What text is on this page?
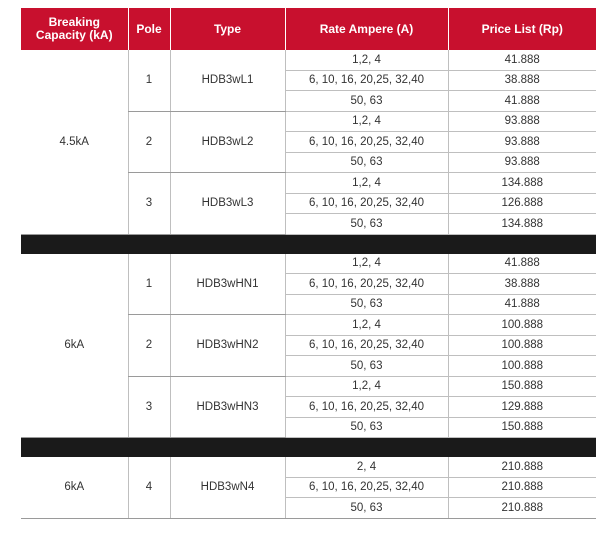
Breaking Capacity (kA)	Pole	Type	Rate Ampere (A)	Price List (Rp)
4.5kA	1	HDB3wL1	1,2, 4	41.888
			6, 10, 16, 20,25, 32,40	38.888
			50, 63	41.888
	2	HDB3wL2	1,2, 4	93.888
			6, 10, 16, 20,25, 32,40	93.888
			50, 63	93.888
	3	HDB3wL3	1,2, 4	134.888
			6, 10, 16, 20,25, 32,40	126.888
			50, 63	134.888

6kA	1	HDB3wHN1	1,2, 4	41.888
			6, 10, 16, 20,25, 32,40	38.888
			50, 63	41.888
	2	HDB3wHN2	1,2, 4	100.888
			6, 10, 16, 20,25, 32,40	100.888
			50, 63	100.888
	3	HDB3wHN3	1,2, 4	150.888
			6, 10, 16, 20,25, 32,40	129.888
			50, 63	150.888

6kA	4	HDB3wN4	2, 4	210.888
			6, 10, 16, 20,25, 32,40	210.888
			50, 63	210.888
